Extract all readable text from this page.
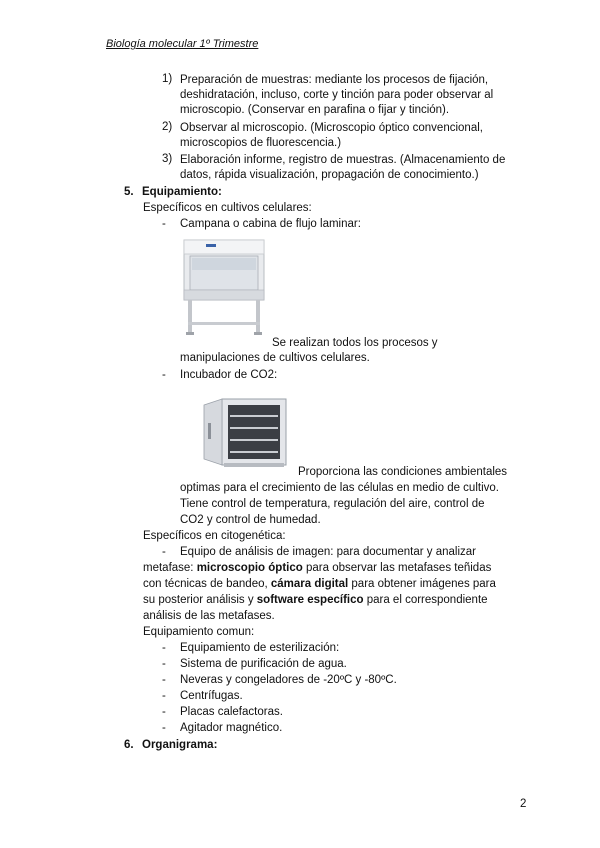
Biología molecular 1º Trimestre
1) Preparación de muestras: mediante los procesos de fijación,
deshidratación, incluso, corte y tinción para poder observar al
microscopio. (Conservar en parafina o fijar y tinción).
2) Observar al microscopio. (Microscopio óptico convencional,
microscopios de fluorescencia.)
3) Elaboración informe, registro de muestras. (Almacenamiento de
datos, rápida visualización, propagación de conocimiento.)
5. Equipamiento:
Específicos en cultivos celulares:
- Campana o cabina de flujo laminar:
Se realizan todos los procesos y
manipulaciones de cultivos celulares.
- Incubador de CO2:
Proporciona las condiciones ambientales
optimas para el crecimiento de las células en medio de cultivo.
Tiene control de temperatura, regulación del aire, control de
CO2 y control de humedad.
Específicos en citogenética:
- Equipo de análisis de imagen: para documentar y analizar
metafase: microscopio óptico para observar las metafases teñidas
con técnicas de bandeo, cámara digital para obtener imágenes para
su posterior análisis y software específico para el correspondiente
análisis de las metafases.
Equipamiento comun:
- Equipamiento de esterilización:
- Sistema de purificación de agua.
- Neveras y congeladores de -20ºC y -80ºC.
- Centrífugas.
- Placas calefactoras.
- Agitador magnético.
6. Organigrama:
2
